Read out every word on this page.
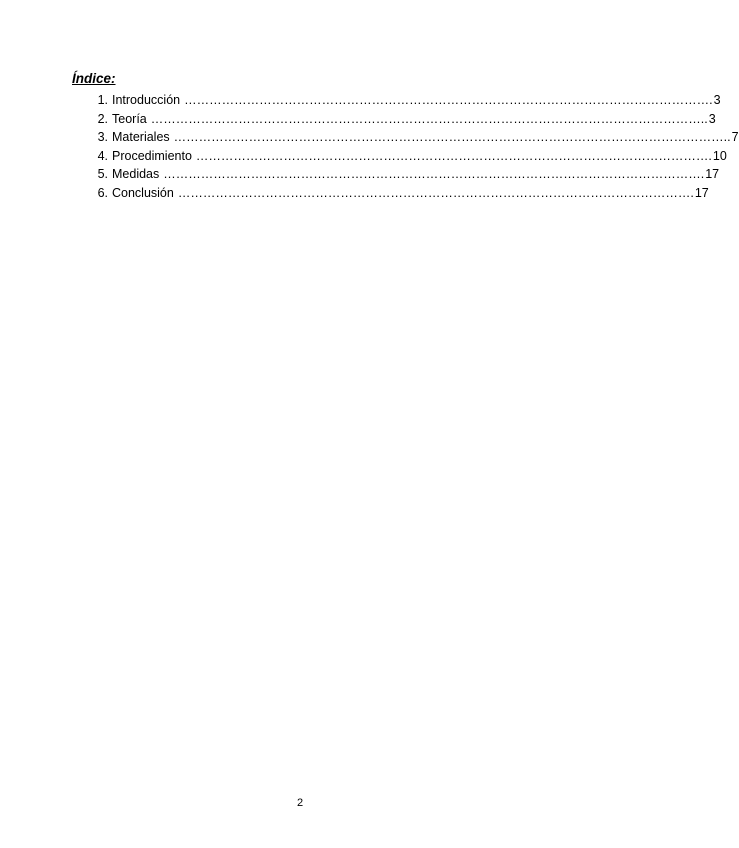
Índice:
1. Introducción ………………………………………………………………………………………………………………. 3
2. Teoría …………………………………………………………………………………………………………………….. 3
3. Materiales …………………………………………………………………………………………………………………….. 7
4. Procedimiento ……………………………………………………………………………………………………………. 10
5. Medidas …………………………………………………………………………………………………………………. 17
6. Conclusión ……………………………………………………………………………………………………………. 17
2
